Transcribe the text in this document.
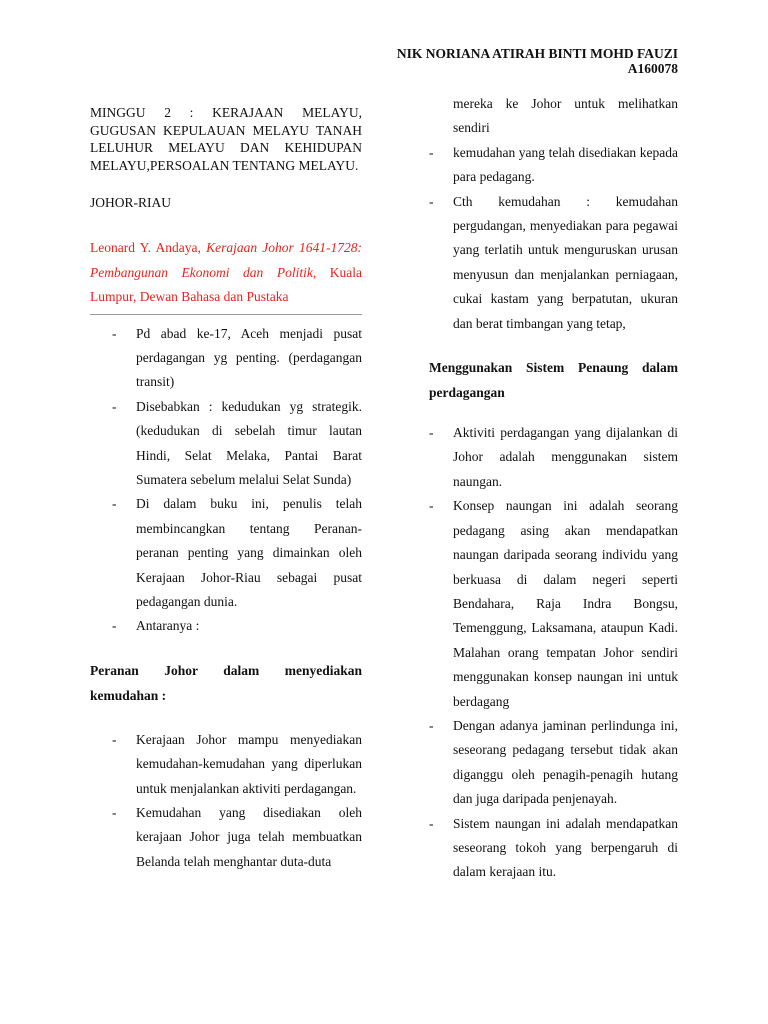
NIK NORIANA ATIRAH BINTI MOHD FAUZI
A160078

MINGGU 2 : KERAJAAN MELAYU, GUGUSAN KEPULAUAN MELAYU TANAH LELUHUR MELAYU DAN KEHIDUPAN MELAYU,PERSOALAN TENTANG MELAYU.

JOHOR-RIAU

Leonard Y. Andaya, Kerajaan Johor 1641-1728: Pembangunan Ekonomi dan Politik, Kuala Lumpur, Dewan Bahasa dan Pustaka
- Pd abad ke-17, Aceh menjadi pusat perdagangan yg penting. (perdagangan transit)
- Disebabkan : kedudukan yg strategik. (kedudukan di sebelah timur lautan Hindi, Selat Melaka, Pantai Barat Sumatera sebelum melalui Selat Sunda)
- Di dalam buku ini, penulis telah membincangkan tentang Peranan-peranan penting yang dimainkan oleh Kerajaan Johor-Riau sebagai pusat pedagangan dunia.
- Antaranya :
Peranan Johor dalam menyediakan kemudahan :
- Kerajaan Johor mampu menyediakan kemudahan-kemudahan yang diperlukan untuk menjalankan aktiviti perdagangan.
- Kemudahan yang disediakan oleh kerajaan Johor juga telah membuatkan Belanda telah menghantar duta-duta
mereka ke Johor untuk melihatkan sendiri
- kemudahan yang telah disediakan kepada para pedagang.
- Cth kemudahan : kemudahan pergudangan, menyediakan para pegawai yang terlatih untuk menguruskan urusan menyusun dan menjalankan perniagaan, cukai kastam yang berpatutan, ukuran dan berat timbangan yang tetap,
Menggunakan Sistem Penaung dalam perdagangan
- Aktiviti perdagangan yang dijalankan di Johor adalah menggunakan sistem naungan.
- Konsep naungan ini adalah seorang pedagang asing akan mendapatkan naungan daripada seorang individu yang berkuasa di dalam negeri seperti Bendahara, Raja Indra Bongsu, Temenggung, Laksamana, ataupun Kadi. Malahan orang tempatan Johor sendiri menggunakan konsep naungan ini untuk berdagang
- Dengan adanya jaminan perlindunga ini, seseorang pedagang tersebut tidak akan diganggu oleh penagih-penagih hutang dan juga daripada penjenayah.
- Sistem naungan ini adalah mendapatkan seseorang tokoh yang berpengaruh di dalam kerajaan itu.
